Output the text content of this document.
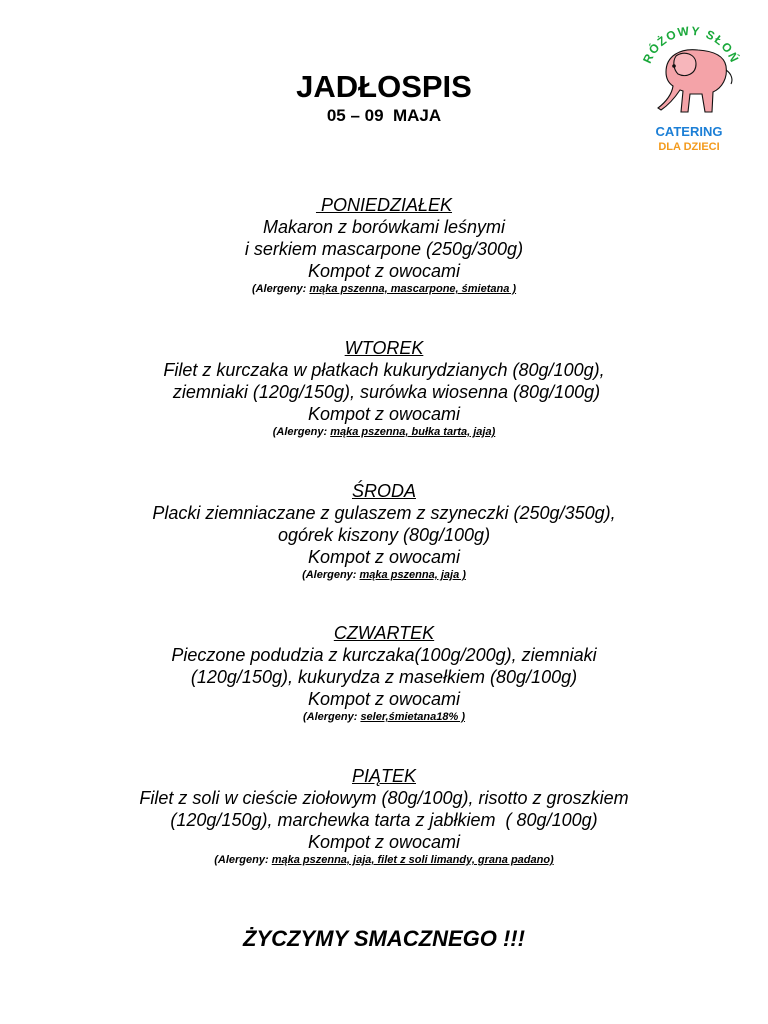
JADŁOSPIS
05 – 09  MAJA
RÓŻOWY SŁOŃ
CATERING
DLA DZIECI
PONIEDZIAŁEK
Makaron z borówkami leśnymi
i serkiem mascarpone (250g/300g)
Kompot z owocami
(Alergeny: mąka pszenna, mascarpone, śmietana )
WTOREK
Filet z kurczaka w płatkach kukurydzianych (80g/100g),
ziemniaki (120g/150g), surówka wiosenna (80g/100g)
Kompot z owocami
(Alergeny: mąka pszenna, bułka tarta, jaja)
ŚRODA
Placki ziemniaczane z gulaszem z szyneczki (250g/350g),
ogórek kiszony (80g/100g)
Kompot z owocami
(Alergeny: mąka pszenna, jaja )
CZWARTEK
Pieczone podudzia z kurczaka(100g/200g), ziemniaki
(120g/150g), kukurydza z masełkiem (80g/100g)
Kompot z owocami
(Alergeny: seler,śmietana18% )
PIĄTEK
Filet z soli w cieście ziołowym (80g/100g), risotto z groszkiem
(120g/150g), marchewka tarta z jabłkiem  ( 80g/100g)
Kompot z owocami
(Alergeny: mąka pszenna, jaja, filet z soli limandy, grana padano)
ŻYCZYMY SMACZNEGO !!!
